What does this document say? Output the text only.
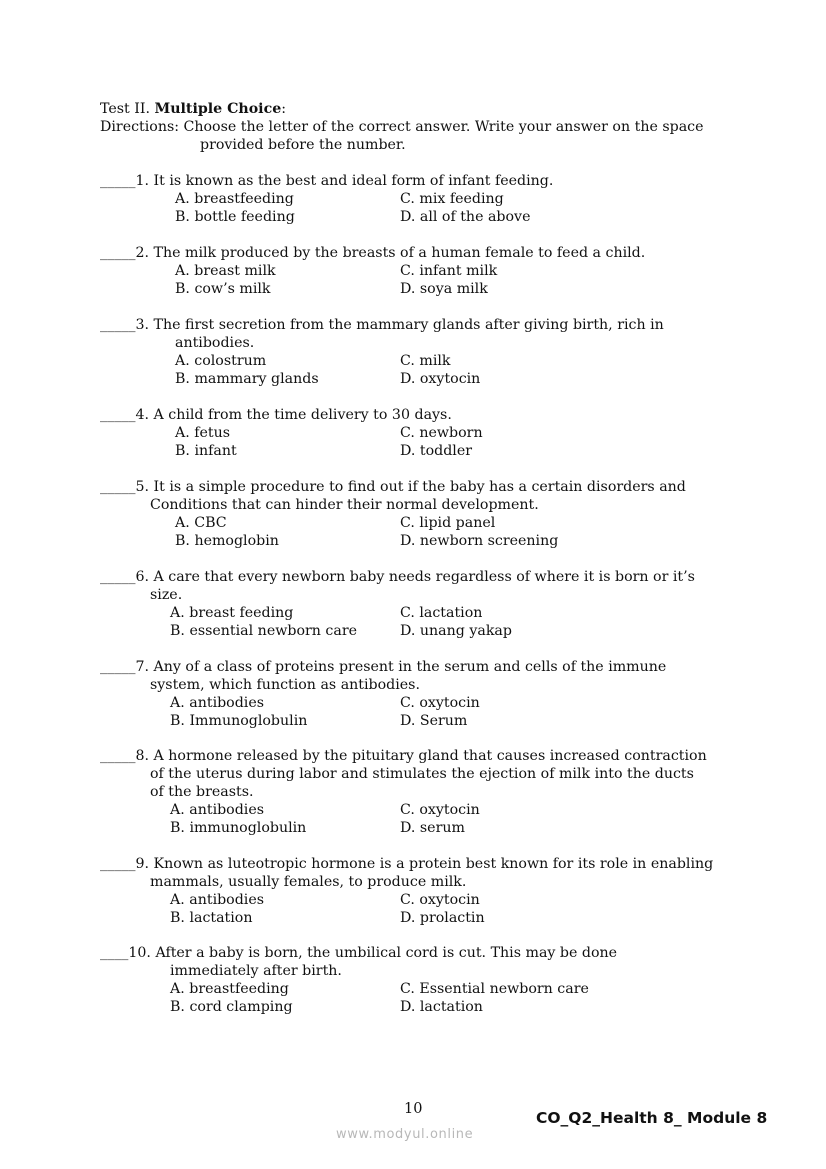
Test II. Multiple Choice:
Directions: Choose the letter of the correct answer. Write your answer on the space
provided before the number.
_____1. It is known as the best and ideal form of infant feeding.
A. breastfeeding	C. mix feeding
B. bottle feeding	D. all of the above
_____2. The milk produced by the breasts of a human female to feed a child.
A. breast milk	C. infant milk
B. cow’s milk	D. soya milk
_____3. The first secretion from the mammary glands after giving birth, rich in
antibodies.
A. colostrum	C. milk
B. mammary glands	D. oxytocin
_____4. A child from the time delivery to 30 days.
A. fetus	C. newborn
B. infant	D. toddler
_____5. It is a simple procedure to find out if the baby has a certain disorders and
Conditions that can hinder their normal development.
A. CBC	C. lipid panel
B. hemoglobin	D. newborn screening
_____6. A care that every newborn baby needs regardless of where it is born or it’s
size.
A. breast feeding	C. lactation
B. essential newborn care	D. unang yakap
_____7. Any of a class of proteins present in the serum and cells of the immune
system, which function as antibodies.
A. antibodies	C. oxytocin
B. Immunoglobulin	D. Serum
_____8. A hormone released by the pituitary gland that causes increased contraction
of the uterus during labor and stimulates the ejection of milk into the ducts
of the breasts.
A. antibodies	C. oxytocin
B. immunoglobulin	D. serum
_____9. Known as luteotropic hormone is a protein best known for its role in enabling
mammals, usually females, to produce milk.
A. antibodies	C. oxytocin
B. lactation	D. prolactin
____10. After a baby is born, the umbilical cord is cut. This may be done
immediately after birth.
A. breastfeeding	C. Essential newborn care
B. cord clamping	D. lactation
10	CO_Q2_Health 8_ Module 8
www.modyul.online
